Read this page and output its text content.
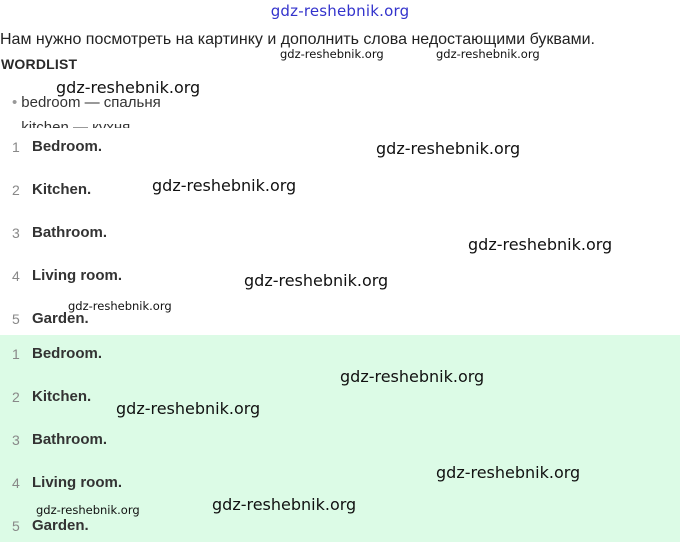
gdz-reshebnik.org
Нам нужно посмотреть на картинку и дополнить слова недостающими буквами.
WORDLIST
• bedroom — спальня
1 Bedroom.
2 Kitchen.
3 Bathroom.
4 Living room.
5 Garden.
1 Bedroom.
2 Kitchen.
3 Bathroom.
4 Living room.
5 Garden.
gdz-reshebnik.org	gdz-reshebnik.org
gdz-reshebnik.org
gdz-reshebnik.org
gdz-reshebnik.org
gdz-reshebnik.org
gdz-reshebnik.org
gdz-reshebnik.org
gdz-reshebnik.org
gdz-reshebnik.org
gdz-reshebnik.org
gdz-reshebnik.org
gdz-reshebnik.org
